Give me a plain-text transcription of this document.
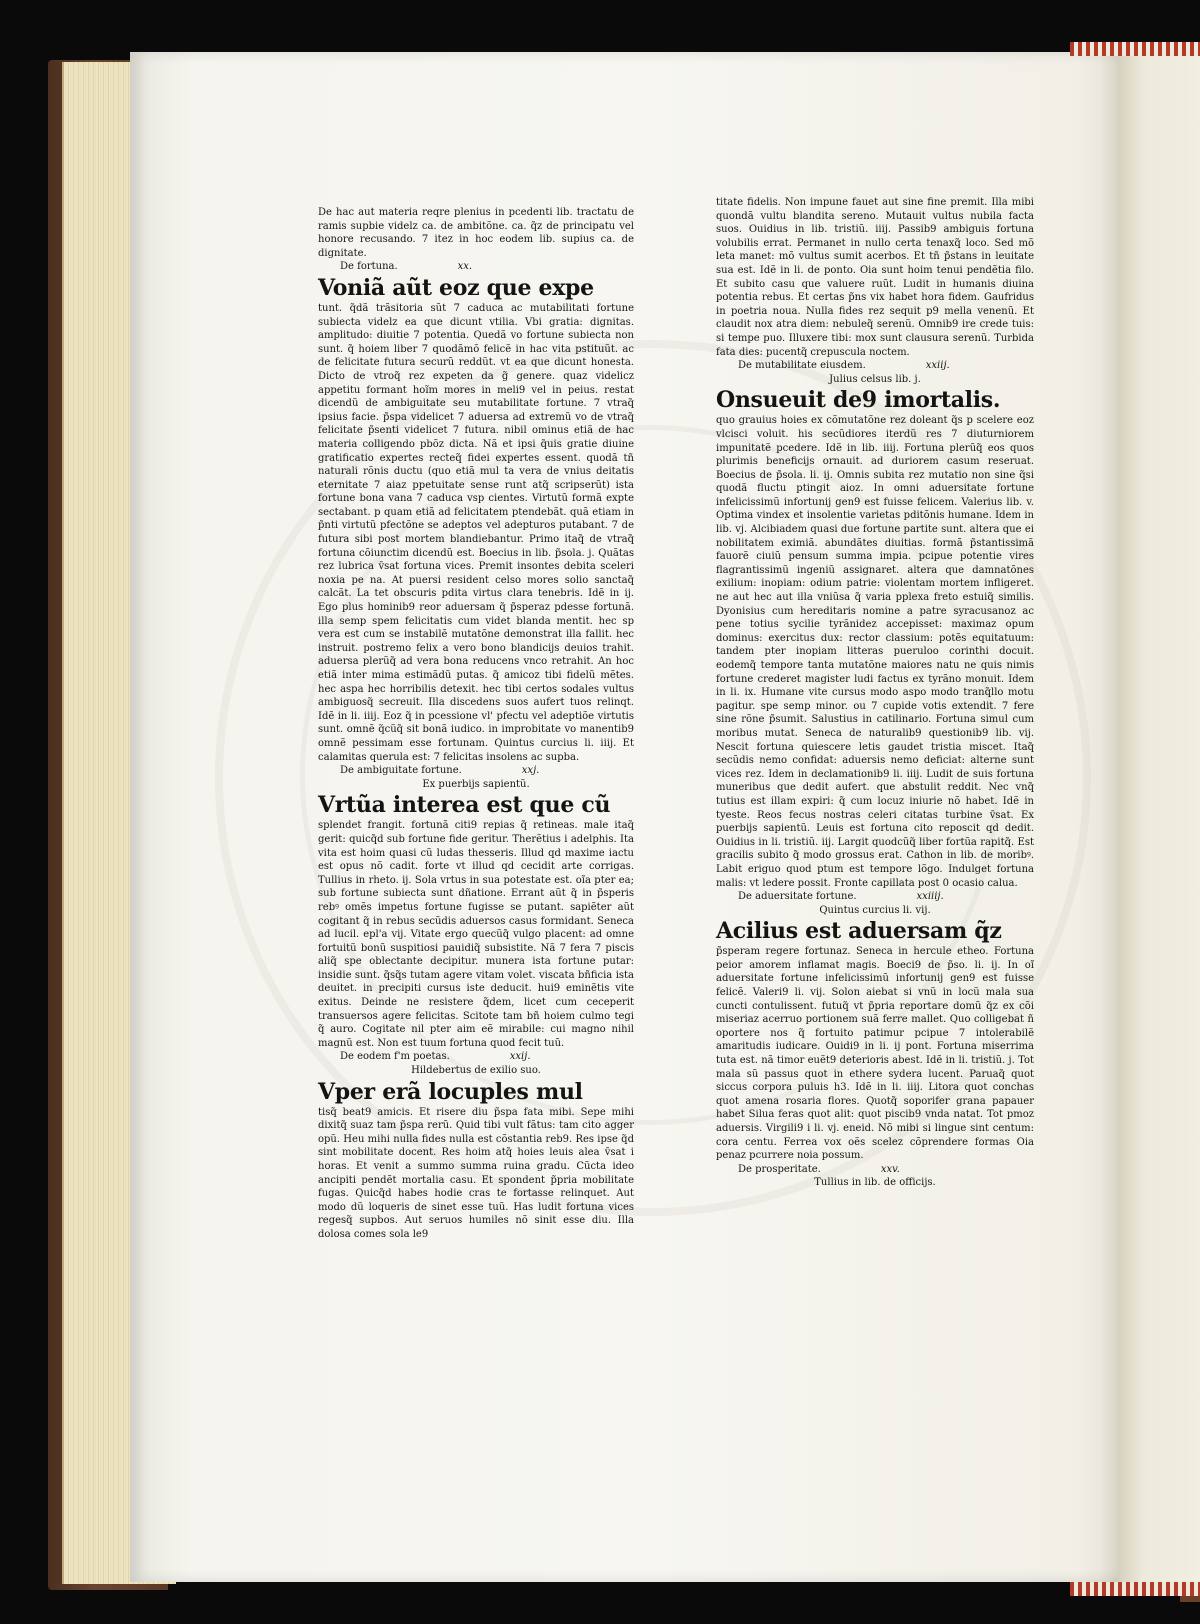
De hac aut materia reqre plenius in pcedenti lib. tractatu de ramis supbie videlz ca. de ambitõne. ca. q̃z de principatu vel honore recusando. 7 itez in hoc eodem lib. supius ca. de dignitate.

De fortuna.	xx.

Voniã aũt eoz que expe

tunt. q̃dã trãsitoria sũt 7 caduca ac mutabilitati fortune subiecta videlz ea que dicunt vtilia. Vbi gratia: dignitas. amplitudo: diuitie 7 potentia. Quedã vo fortune subiecta non sunt. q̃ hoiem liber 7 quodãmõ felicẽ in hac vita pstituũt. ac de felicitate futura securũ reddũt. vt ea que dicunt honesta. Dicto de vtroq̃ rez expeten da g̃ genere. quaz videlicz appetitu formant hoĩm mores in meli9 vel in peius. restat dicendũ de ambiguitate seu mutabilitate fortune. 7 vtraq̃ ipsius facie. p̃spa videlicet 7 aduersa ad extremũ vo de vtraq̃ felicitate p̃senti videlicet 7 futura. nibil ominus etiã de hac materia colligendo pbõz dicta. Nã et ipsi q̃uis gratie diuine gratificatio expertes recteq̃ fidei expertes essent. quodã tñ naturali rõnis ductu (quo etiã mul ta vera de vnius deitatis eternitate 7 aiaz ppetuitate sense runt atq̃ scripserũt) ista fortune bona vana 7 caduca vsp cientes. Virtutũ formã expte sectabant. p quam etiã ad felicitatem ptendebãt. quã etiam in p̃nti virtutũ pfectõne se adeptos vel adepturos putabant. 7 de futura sibi post mortem blandiebantur. Primo itaq̃ de vtraq̃ fortuna cõiunctim dicendũ est. Boecius in lib. p̃sola. j. Quãtas rez lubrica v̄sat fortuna vices. Premit insontes debita sceleri noxia pe na. At puersi resident celso mores solio sanctaq̃ calcãt. La tet obscuris pdita virtus clara tenebris. Idẽ in ij. Ego plus hominib9 reor aduersam q̃ p̃speraz pdesse fortunã. illa semp spem felicitatis cum videt blanda mentit. hec sp vera est cum se instabilẽ mutatõne demonstrat illa fallit. hec instruit. postremo felix a vero bono blandicijs deuios trahit. aduersa plerũq̃ ad vera bona reducens vnco retrahit. An hoc etiã inter mima estimãdũ putas. q̃ amicoz tibi fidelũ mẽtes. hec aspa hec horribilis detexit. hec tibi certos sodales vultus ambiguosq̃ secreuit. Illa discedens suos aufert tuos relinqt. Idẽ in li. iiij. Eoz q̃ in pcessione vl' pfectu vel adeptiõe virtutis sunt. omnẽ q̃cũq̃ sit bonã iudico. in improbitate vo manentib9 omnẽ pessimam esse fortunam. Quintus curcius li. iiij. Et calamitas querula est: 7 felicitas insolens ac supba.

De ambiguitate fortune.	xxj.

Ex puerbijs sapientũ.

Vrtũa interea est que cũ

splendet frangit. fortunã citi9 repias q̃ retineas. male itaq̃ gerit: quicq̃d sub fortune fide geritur. Therẽtius i adelphis. Ita vita est hoim quasi cũ ludas thesseris. Illud qd maxime iactu est opus nõ cadit. forte vt illud qd cecidit arte corrigas. Tullius in rheto. ij. Sola vrtus in sua potestate est. oĩa pter ea; sub fortune subiecta sunt dñatione. Errant aũt q̃ in p̃speris rebꝰ omẽs impetus fortune fugisse se putant. sapiẽter aũt cogitant q̃ in rebus secũdis aduersos casus formidant. Seneca ad lucil. epl'a vij. Vitate ergo quecũq̃ vulgo placent: ad omne fortuitũ bonũ suspitiosi pauidiq̃ subsistite. Nã 7 fera 7 piscis aliq̃ spe oblectante decipitur. munera ista fortune putar: insidie sunt. q̃sq̃s tutam agere vitam volet. viscata bñficia ista deuitet. in precipiti cursus iste deducit. hui9 eminẽtis vite exitus. Deinde ne resistere q̃dem, licet cum ceceperit transuersos agere felicitas. Scitote tam bñ hoiem culmo tegi q̃ auro. Cogitate nil pter aim eẽ mirabile: cui magno nihil magnũ est. Non est tuum fortuna quod fecit tuũ.

De eodem f'm poetas.	xxij.

Hildebertus de exilio suo.

Vper erã locuples mul

tisq̃ beat9 amicis. Et risere diu p̃spa fata mibi. Sepe mihi dixitq̃ suaz tam p̃spa rerũ. Quid tibi vult fãtus: tam cito agger opũ. Heu mihi nulla fides nulla est cõstantia reb9. Res ipse q̃d sint mobilitate docent. Res hoim atq̃ hoies leuis alea v̄sat i horas. Et venit a summo summa ruina gradu. Cũcta ideo ancipiti pendẽt mortalia casu. Et spondent p̃pria mobilitate fugas. Quicq̃d habes hodie cras te fortasse relinquet. Aut modo dũ loqueris de sinet esse tuũ. Has ludit fortuna vices regesq̃ supbos. Aut seruos humiles nõ sinit esse diu. Illa dolosa comes sola le9

titate fidelis. Non impune fauet aut sine fine premit. Illa mibi quondã vultu blandita sereno. Mutauit vultus nubila facta suos. Ouidius in lib. tristiũ. iiij. Passib9 ambiguis fortuna volubilis errat. Permanet in nullo certa tenaxq̃ loco. Sed mõ leta manet: mõ vultus sumit acerbos. Et tñ p̃stans in leuitate sua est. Idẽ in li. de ponto. Oia sunt hoim tenui pendẽtia filo. Et subito casu que valuere ruũt. Ludit in humanis diuina potentia rebus. Et certas p̃ns vix habet hora fidem. Gaufridus in poetria noua. Nulla fides rez sequit p9 mella venenũ. Et claudit nox atra diem: nebuleq̃ serenũ. Omnib9 ire crede tuis: si tempe puo. Illuxere tibi: mox sunt clausura serenũ. Turbida fata dies: pucentq̃ crepuscula noctem.

De mutabilitate eiusdem.	xxiij.

Julius celsus lib. j.

Onsueuit de9 imortalis.

quo grauius hoies ex cõmutatõne rez doleant q̃s p scelere eoz vlcisci voluit. his secũdiores iterdũ res 7 diuturniorem impunitatẽ pcedere. Idẽ in lib. iiij. Fortuna plerũq̃ eos quos plurimis beneficijs ornauit. ad duriorem casum reseruat. Boecius de p̃sola. li. ij. Omnis subita rez mutatio non sine q̃si quodã fluctu ptingit aioz. In omni aduersitate fortune infelicissimũ infortunij gen9 est fuisse felicem. Valerius lib. v. Optima vindex et insolentie varietas pditõnis humane. Idem in lib. vj. Alcibiadem quasi due fortune partite sunt. altera que ei nobilitatem eximiã. abundãtes diuitias. formã p̃stantissimã fauorẽ ciuiũ pensum summa impia. pcipue potentie vires flagrantissimũ ingeniũ assignaret. altera que damnatõnes exilium: inopiam: odium patrie: violentam mortem infligeret. ne aut hec aut illa vniũsa q̃ varia pplexa freto estuiq̃ similis. Dyonisius cum hereditaris nomine a patre syracusanoz ac pene totius sycilie tyrãnidez accepisset: maximaz opum dominus: exercitus dux: rector classium: potẽs equitatuum: tandem pter inopiam litteras pueruloo corinthi docuit. eodemq̃ tempore tanta mutatõne maiores natu ne quis nimis fortune crederet magister ludi factus ex tyrãno monuit. Idem in li. ix. Humane vite cursus modo aspo modo tranq̃llo motu pagitur. spe semp minor. ou 7 cupide votis extendit. 7 fere sine rõne p̃sumit. Salustius in catilinario. Fortuna simul cum moribus mutat. Seneca de naturalib9 questionib9 lib. vij. Nescit fortuna quiescere letis gaudet tristia miscet. Itaq̃ secũdis nemo confidat: aduersis nemo deficiat: alterne sunt vices rez. Idem in declamationib9 li. iiij. Ludit de suis fortuna muneribus que dedit aufert. que abstulit reddit. Nec vnq̃ tutius est illam expiri: q̃ cum locuz iniurie nõ habet. Idẽ in tyeste. Reos fecus nostras celeri citatas turbine v̄sat. Ex puerbijs sapientũ. Leuis est fortuna cito reposcit qd dedit. Ouidius in li. tristiũ. iij. Largit quodcũq̃ liber fortũa rapitq̃. Est gracilis subito q̃ modo grossus erat. Cathon in lib. de moribꝰ. Labit eriguo quod ptum est tempore lõgo. Indulget fortuna malis: vt ledere possit. Fronte capillata post 0 ocasio calua.

De aduersitate fortune.	xxiiij.

Quintus curcius li. vij.

Acilius est aduersam q̃z

p̃speram regere fortunaz. Seneca in hercule etheo. Fortuna peior amorem inflamat magis. Boeci9 de p̃so. li. ij. In oĩ aduersitate fortune infelicissimũ infortunij gen9 est fuisse felicẽ. Valeri9 li. vij. Solon aiebat si vnũ in locũ mala sua cuncti contulissent. futuq̃ vt p̃pria reportare domũ q̃z ex cõi miseriaz acerruo portionem suã ferre mallet. Quo colligebat ñ oportere nos q̃ fortuito patimur pcipue 7 intolerabilẽ amaritudis iudicare. Ouidi9 in li. ij pont. Fortuna miserrima tuta est. nã timor euẽt9 deterioris abest. Idẽ in li. tristiũ. j. Tot mala sũ passus quot in ethere sydera lucent. Paruaq̃ quot siccus corpora puluis h3. Idẽ in li. iiij. Litora quot conchas quot amena rosaria flores. Quotq̃ soporifer grana papauer habet Silua feras quot alit: quot piscib9 vnda natat. Tot pmoz aduersis. Virgili9 i li. vj. eneid. Nõ mibi si lingue sint centum: cora centu. Ferrea vox oẽs scelez cõprendere formas Oia penaz pcurrere noia possum.

De prosperitate.	xxv.

Tullius in lib. de officijs.
